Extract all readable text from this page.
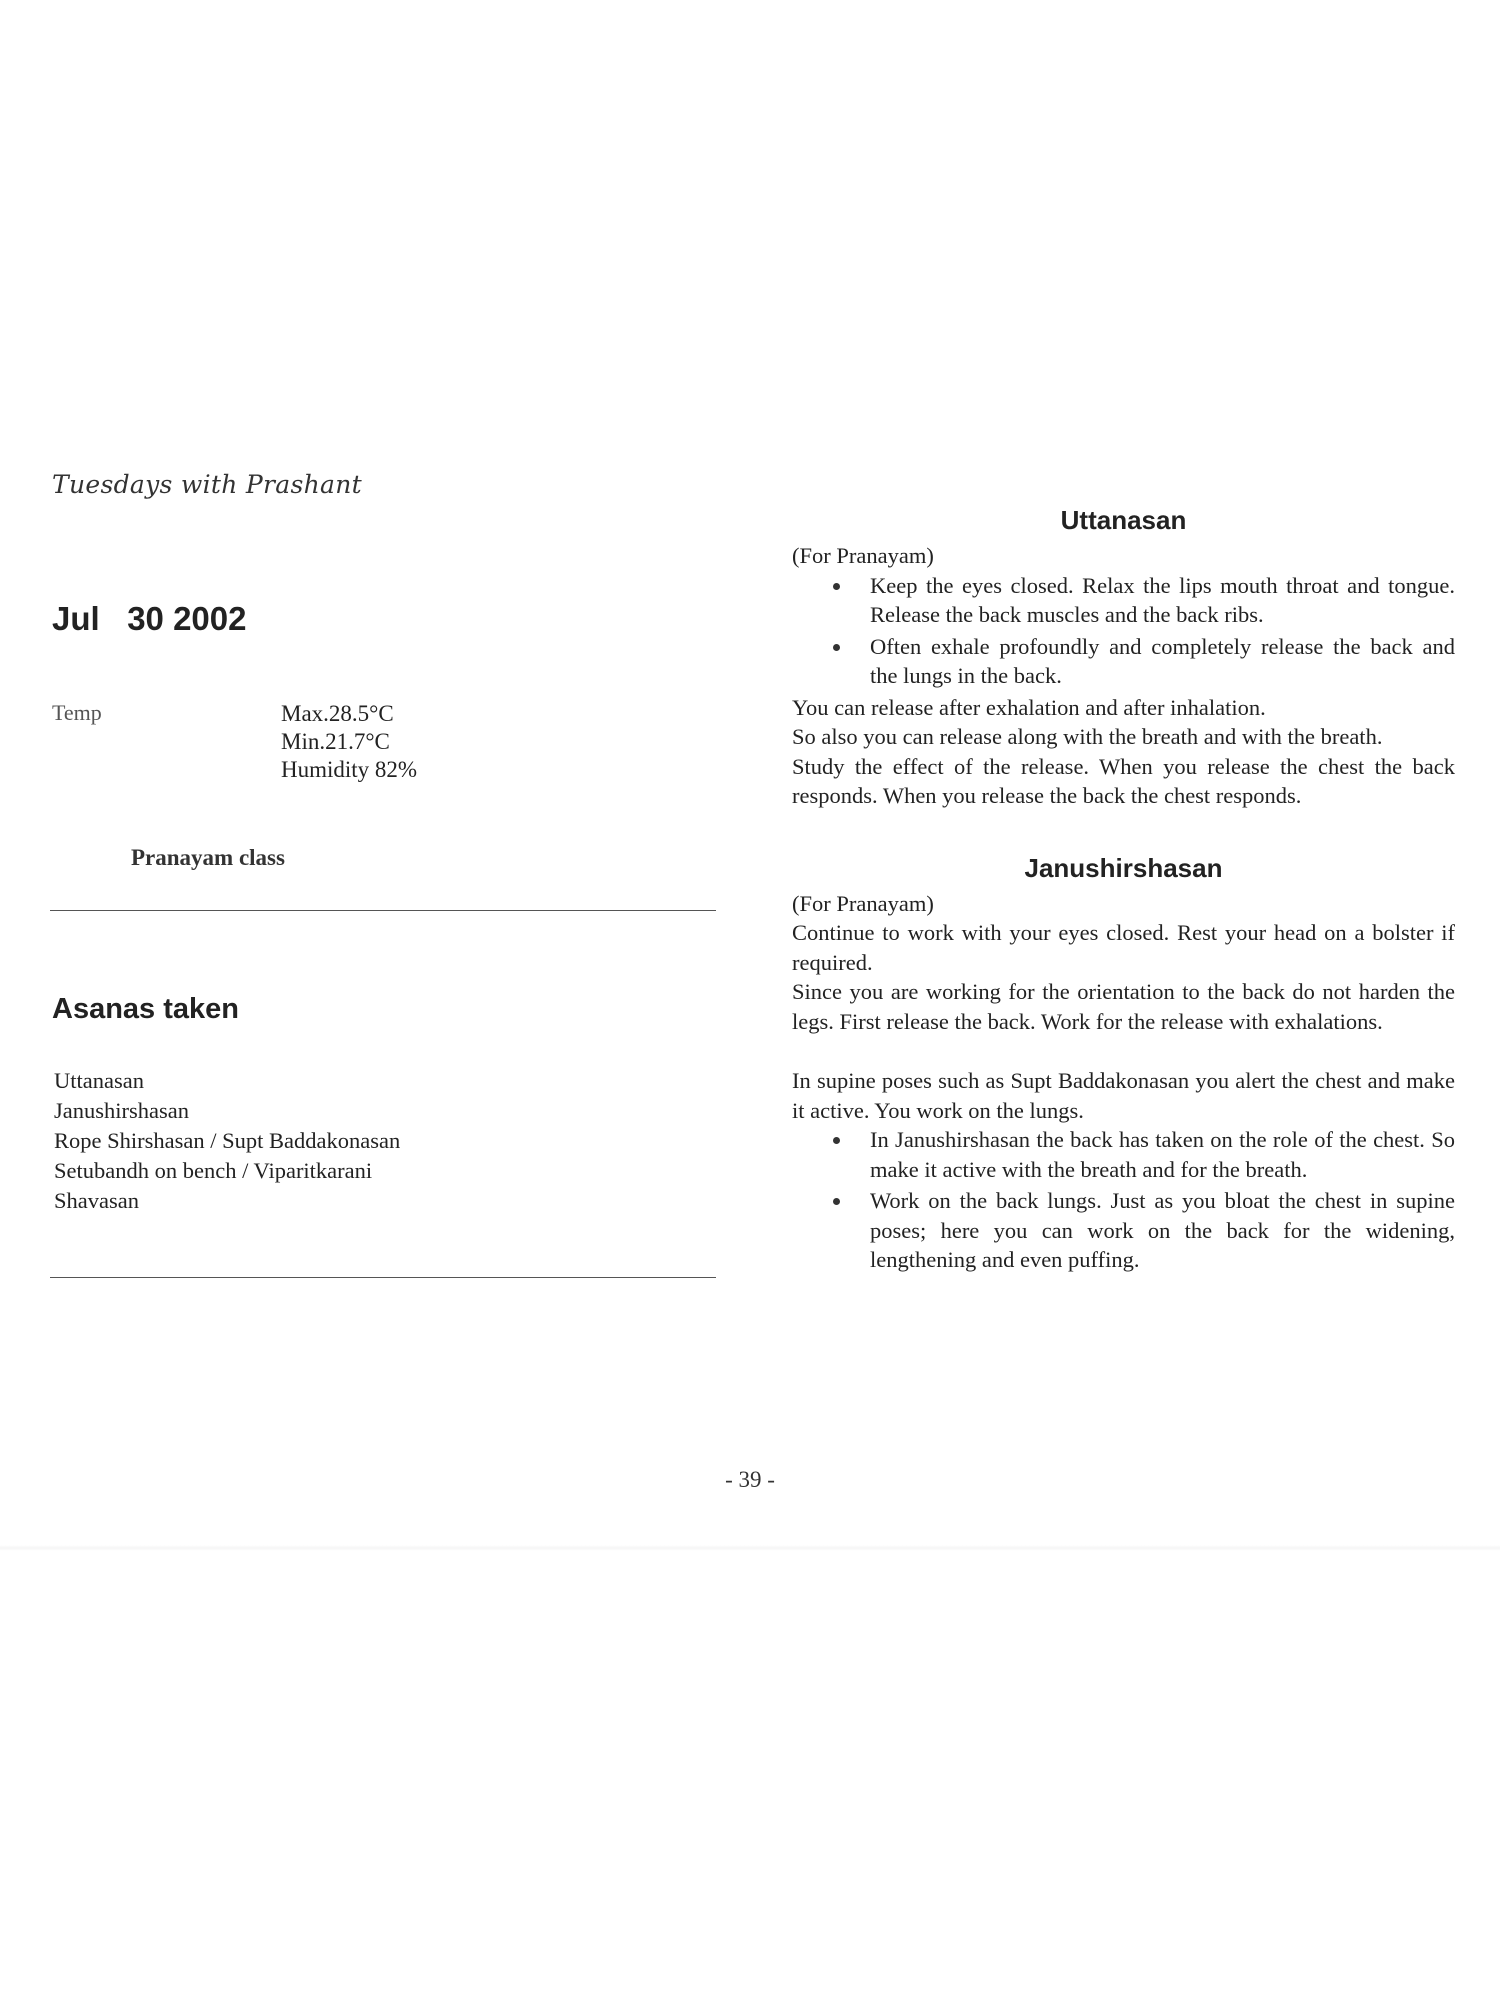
Tuesdays with Prashant
Jul 30 2002
Temp	Max.28.5°C
Min.21.7°C
Humidity 82%
Pranayam class
Asanas taken
Uttanasan
Janushirshasan
Rope Shirshasan / Supt Baddakonasan
Setubandh on bench / Viparitkarani
Shavasan
Uttanasan

(For Pranayam)

Keep the eyes closed. Relax the lips mouth throat and tongue. Release the back muscles and the back ribs.
Often exhale profoundly and completely release the back and the lungs in the back.

You can release after exhalation and after inhalation.

So also you can release along with the breath and with the breath.

Study the effect of the release. When you release the chest the back responds. When you release the back the chest responds.

Janushirshasan

(For Pranayam)

Continue to work with your eyes closed. Rest your head on a bolster if required.

Since you are working for the orientation to the back do not harden the legs. First release the back. Work for the release with exhalations.

In supine poses such as Supt Baddakonasan you alert the chest and make it active. You work on the lungs.

In Janushirshasan the back has taken on the role of the chest. So make it active with the breath and for the breath.
Work on the back lungs. Just as you bloat the chest in supine poses; here you can work on the back for the widening, lengthening and even puffing.
- 39 -
